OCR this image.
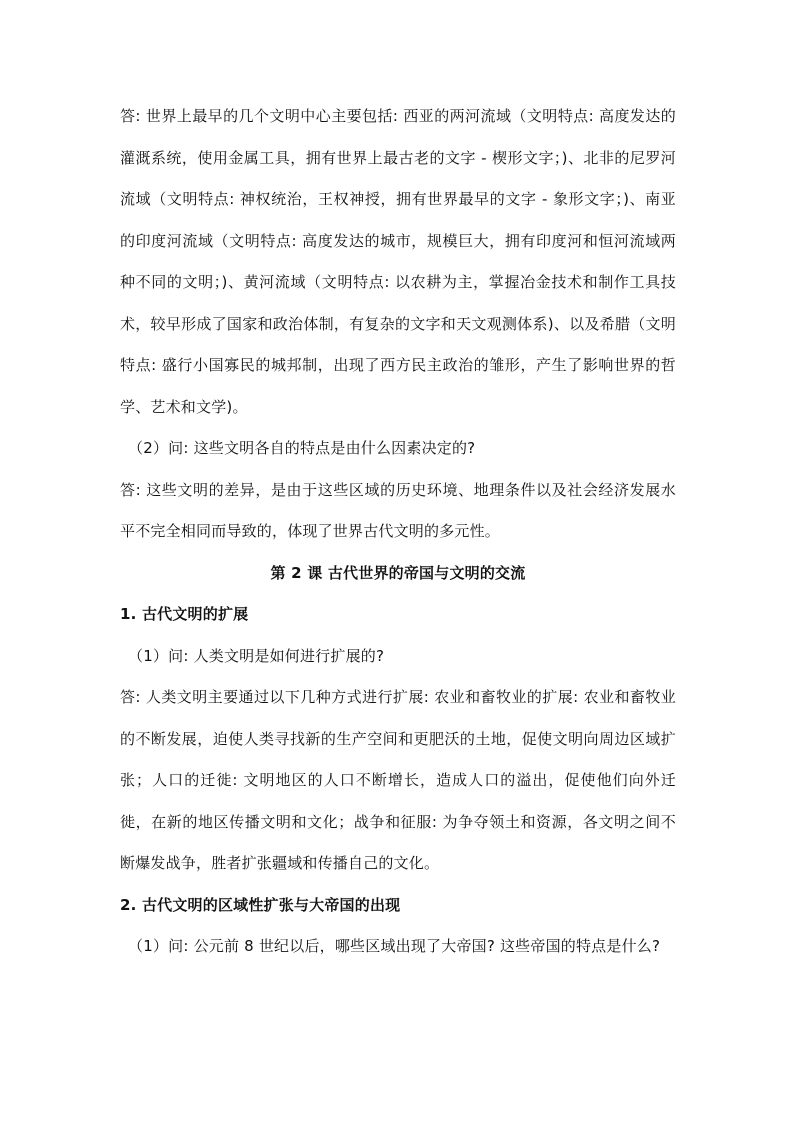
答: 世界上最早的几个文明中心主要包括: 西亚的两河流域（文明特点: 高度发达的灌溉系统，使用金属工具，拥有世界上最古老的文字 - 楔形文字；)、北非的尼罗河流域（文明特点: 神权统治，王权神授，拥有世界最早的文字 - 象形文字；)、南亚的印度河流域（文明特点: 高度发达的城市，规模巨大，拥有印度河和恒河流域两种不同的文明；)、黄河流域（文明特点: 以农耕为主，掌握冶金技术和制作工具技术，较早形成了国家和政治体制，有复杂的文字和天文观测体系)、以及希腊（文明特点: 盛行小国寡民的城邦制，出现了西方民主政治的雏形，产生了影响世界的哲学、艺术和文学)。

（2）问: 这些文明各自的特点是由什么因素决定的?

答: 这些文明的差异，是由于这些区域的历史环境、地理条件以及社会经济发展水平不完全相同而导致的，体现了世界古代文明的多元性。

第 2 课 古代世界的帝国与文明的交流

1. 古代文明的扩展

（1）问: 人类文明是如何进行扩展的?

答: 人类文明主要通过以下几种方式进行扩展: 农业和畜牧业的扩展: 农业和畜牧业的不断发展，迫使人类寻找新的生产空间和更肥沃的土地，促使文明向周边区域扩张；人口的迁徙: 文明地区的人口不断增长，造成人口的溢出，促使他们向外迁徙，在新的地区传播文明和文化；战争和征服: 为争夺领土和资源，各文明之间不断爆发战争，胜者扩张疆域和传播自己的文化。

2. 古代文明的区域性扩张与大帝国的出现

（1）问: 公元前 8 世纪以后，哪些区域出现了大帝国? 这些帝国的特点是什么?
